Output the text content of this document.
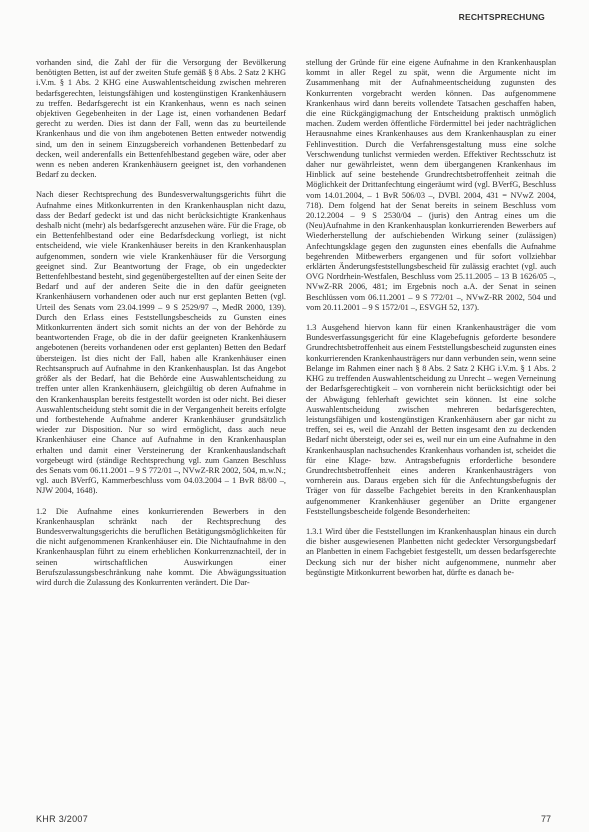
RECHTSPRECHUNG

vorhanden sind, die Zahl der für die Versorgung der Bevölkerung benötigten Betten, ist auf der zweiten Stufe gemäß § 8 Abs. 2 Satz 2 KHG i.V.m. § 1 Abs. 2 KHG eine Auswahlentscheidung zwischen mehreren bedarfsgerechten, leistungsfähigen und kostengünstigen Krankenhäusern zu treffen. Bedarfsgerecht ist ein Krankenhaus, wenn es nach seinen objektiven Gegebenheiten in der Lage ist, einen vorhandenen Bedarf gerecht zu werden. Dies ist dann der Fall, wenn das zu beurteilende Krankenhaus und die von ihm angebotenen Betten entweder notwendig sind, um den in seinem Einzugsbereich vorhandenen Bettenbedarf zu decken, weil anderenfalls ein Bettenfehlbestand gegeben wäre, oder aber wenn es neben anderen Krankenhäusern geeignet ist, den vorhandenen Bedarf zu decken.

Nach dieser Rechtsprechung des Bundesverwaltungsgerichts führt die Aufnahme eines Mitkonkurrenten in den Krankenhausplan nicht dazu, dass der Bedarf gedeckt ist und das nicht berücksichtigte Krankenhaus deshalb nicht (mehr) als bedarfsgerecht anzusehen wäre. Für die Frage, ob ein Bettenfehlbestand oder eine Bedarfsdeckung vorliegt, ist nicht entscheidend, wie viele Krankenhäuser bereits in den Krankenhausplan aufgenommen, sondern wie viele Krankenhäuser für die Versorgung geeignet sind. Zur Beantwortung der Frage, ob ein ungedeckter Bettenfehlbestand besteht, sind gegenübergestellten auf der einen Seite der Bedarf und auf der anderen Seite die in den dafür geeigneten Krankenhäusern vorhandenen oder auch nur erst geplanten Betten (vgl. Urteil des Senats vom 23.04.1999 – 9 S 2529/97 –, MedR 2000, 139). Durch den Erlass eines Feststellungsbescheids zu Gunsten eines Mitkonkurrenten ändert sich somit nichts an der von der Behörde zu beantwortenden Frage, ob die in der dafür geeigneten Krankenhäusern angebotenen (bereits vorhandenen oder erst geplanten) Betten den Bedarf übersteigen. Ist dies nicht der Fall, haben alle Krankenhäuser einen Rechtsanspruch auf Aufnahme in den Krankenhausplan. Ist das Angebot größer als der Bedarf, hat die Behörde eine Auswahlentscheidung zu treffen unter allen Krankenhäusern, gleichgültig ob deren Aufnahme in den Krankenhausplan bereits festgestellt worden ist oder nicht. Bei dieser Auswahlentscheidung steht somit die in der Vergangenheit bereits erfolgte und fortbestehende Aufnahme anderer Krankenhäuser grundsätzlich wieder zur Disposition. Nur so wird ermöglicht, dass auch neue Krankenhäuser eine Chance auf Aufnahme in den Krankenhausplan erhalten und damit einer Versteinerung der Krankenhauslandschaft vorgebeugt wird (ständige Rechtsprechung vgl. zum Ganzen Beschluss des Senats vom 06.11.2001 – 9 S 772/01 –, NVwZ-RR 2002, 504, m.w.N.; vgl. auch BVerfG, Kammerbeschluss vom 04.03.2004 – 1 BvR 88/00 –, NJW 2004, 1648).

1.2 Die Aufnahme eines konkurrierenden Bewerbers in den Krankenhausplan schränkt nach der Rechtsprechung des Bundesverwaltungsgerichts die beruflichen Betätigungsmöglichkeiten für die nicht aufgenommenen Krankenhäuser ein. Die Nichtaufnahme in den Krankenhausplan führt zu einem erheblichen Konkurrenznachteil, der in seinen wirtschaftlichen Auswirkungen einer Berufszulassungsbeschränkung nahe kommt. Die Abwägungssituation wird durch die Zulassung des Konkurrenten verändert. Die Dar-

stellung der Gründe für eine eigene Aufnahme in den Krankenhausplan kommt in aller Regel zu spät, wenn die Argumente nicht im Zusammenhang mit der Aufnahmeentscheidung zugunsten des Konkurrenten vorgebracht werden können. Das aufgenommene Krankenhaus wird dann bereits vollendete Tatsachen geschaffen haben, die eine Rückgängigmachung der Entscheidung praktisch unmöglich machen. Zudem werden öffentliche Fördermittel bei jeder nachträglichen Herausnahme eines Krankenhauses aus dem Krankenhausplan zu einer Fehlinvestition. Durch die Verfahrensgestaltung muss eine solche Verschwendung tunlichst vermieden werden. Effektiver Rechtsschutz ist daher nur gewährleistet, wenn dem übergangenen Krankenhaus im Hinblick auf seine bestehende Grundrechtsbetroffenheit zeitnah die Möglichkeit der Drittanfechtung eingeräumt wird (vgl. BVerfG, Beschluss vom 14.01.2004, – 1 BvR 506/03 –, DVBl. 2004, 431 = NVwZ 2004, 718). Dem folgend hat der Senat bereits in seinem Beschluss vom 20.12.2004 – 9 S 2530/04 – (juris) den Antrag eines um die (Neu)Aufnahme in den Krankenhausplan konkurrierenden Bewerbers auf Wiederherstellung der aufschiebenden Wirkung seiner (zulässigen) Anfechtungsklage gegen den zugunsten eines ebenfalls die Aufnahme begehrenden Mitbewerbers ergangenen und für sofort vollziehbar erklärten Änderungsfeststellungsbescheid für zulässig erachtet (vgl. auch OVG Nordrhein-Westfalen, Beschluss vom 25.11.2005 – 13 B 1626/05 –, NVwZ-RR 2006, 481; im Ergebnis noch a.A. der Senat in seinen Beschlüssen vom 06.11.2001 – 9 S 772/01 –, NVwZ-RR 2002, 504 und vom 20.11.2001 – 9 S 1572/01 –, ESVGH 52, 137).

1.3 Ausgehend hiervon kann für einen Krankenhausträger die vom Bundesverfassungsgericht für eine Klagebefugnis geforderte besondere Grundrechtsbetroffenheit aus einem Feststellungsbescheid zugunsten eines konkurrierenden Krankenhausträgers nur dann verbunden sein, wenn seine Belange im Rahmen einer nach § 8 Abs. 2 Satz 2 KHG i.V.m. § 1 Abs. 2 KHG zu treffenden Auswahlentscheidung zu Unrecht – wegen Verneinung der Bedarfsgerechtigkeit – von vornherein nicht berücksichtigt oder bei der Abwägung fehlerhaft gewichtet sein können. Ist eine solche Auswahlentscheidung zwischen mehreren bedarfsgerechten, leistungsfähigen und kostengünstigen Krankenhäusern aber gar nicht zu treffen, sei es, weil die Anzahl der Betten insgesamt den zu deckenden Bedarf nicht übersteigt, oder sei es, weil nur ein um eine Aufnahme in den Krankenhausplan nachsuchendes Krankenhaus vorhanden ist, scheidet die für eine Klage- bzw. Antragsbefugnis erforderliche besondere Grundrechtsbetroffenheit eines anderen Krankenhausträgers von vornherein aus. Daraus ergeben sich für die Anfechtungsbefugnis der Träger von für dasselbe Fachgebiet bereits in den Krankenhausplan aufgenommener Krankenhäuser gegenüber an Dritte ergangener Feststellungsbescheide folgende Besonderheiten:

1.3.1 Wird über die Feststellungen im Krankenhausplan hinaus ein durch die bisher ausgewiesenen Planbetten nicht gedeckter Versorgungsbedarf an Planbetten in einem Fachgebiet festgestellt, um dessen bedarfsgerechte Deckung sich nur der bisher nicht aufgenommene, nunmehr aber begünstigte Mitkonkurrent beworben hat, dürfte es danach be-

KHR 3/2007	77
